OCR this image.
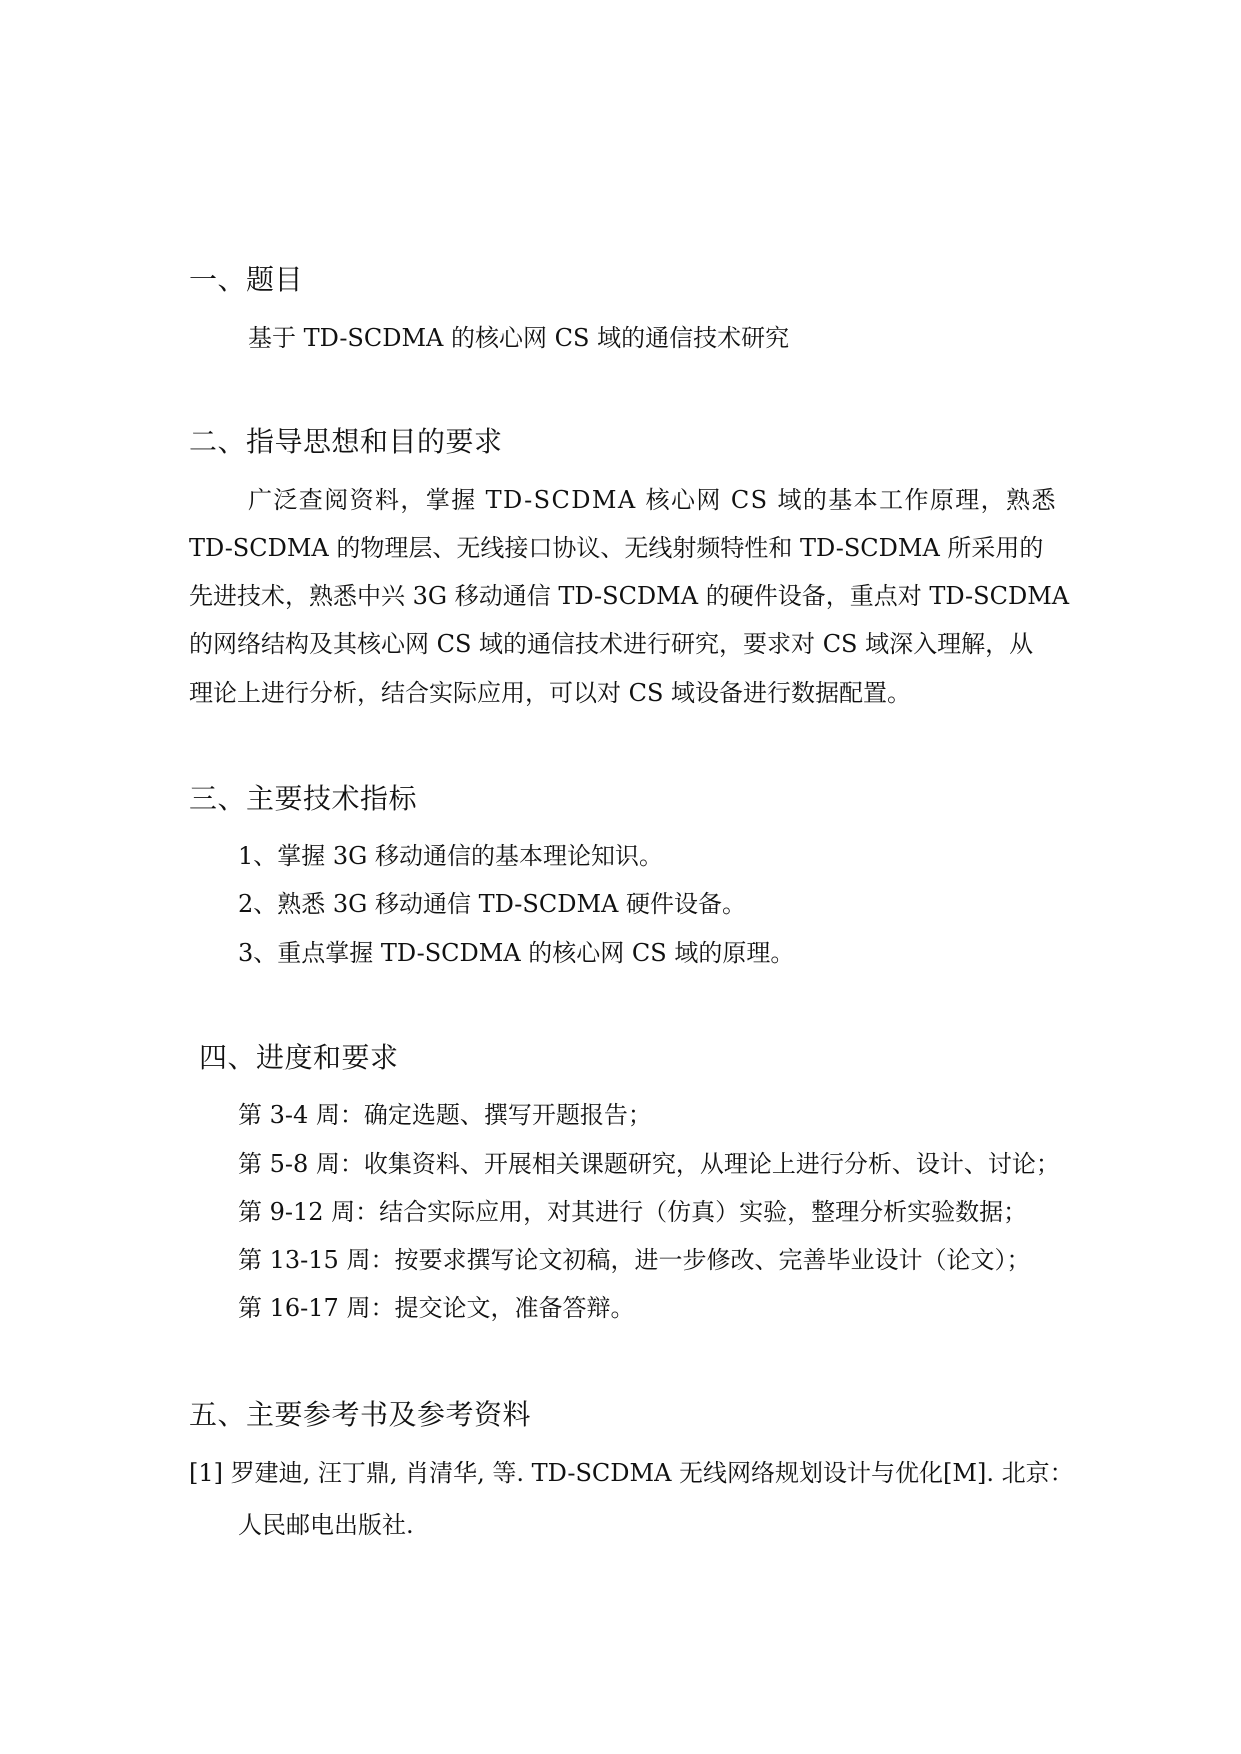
一、题目
基于 TD-SCDMA 的核心网 CS 域的通信技术研究
二、指导思想和目的要求
广泛查阅资料，掌握 TD-SCDMA 核心网 CS 域的基本工作原理，熟悉
TD-SCDMA 的物理层、无线接口协议、无线射频特性和 TD-SCDMA 所采用的
先进技术，熟悉中兴 3G 移动通信 TD-SCDMA 的硬件设备，重点对 TD-SCDMA
的网络结构及其核心网 CS 域的通信技术进行研究，要求对 CS 域深入理解，从
理论上进行分析，结合实际应用，可以对 CS 域设备进行数据配置。
三、主要技术指标
1、掌握 3G 移动通信的基本理论知识。
2、熟悉 3G 移动通信 TD-SCDMA 硬件设备。
3、重点掌握 TD-SCDMA 的核心网 CS 域的原理。
四、进度和要求
第 3-4 周：确定选题、撰写开题报告；
第 5-8 周：收集资料、开展相关课题研究，从理论上进行分析、设计、讨论；
第 9-12 周：结合实际应用，对其进行（仿真）实验，整理分析实验数据；
第 13-15 周：按要求撰写论文初稿，进一步修改、完善毕业设计（论文）；
第 16-17 周：提交论文，准备答辩。
五、主要参考书及参考资料
[1] 罗建迪, 汪丁鼎, 肖清华, 等. TD-SCDMA 无线网络规划设计与优化[M]. 北京：
人民邮电出版社.
